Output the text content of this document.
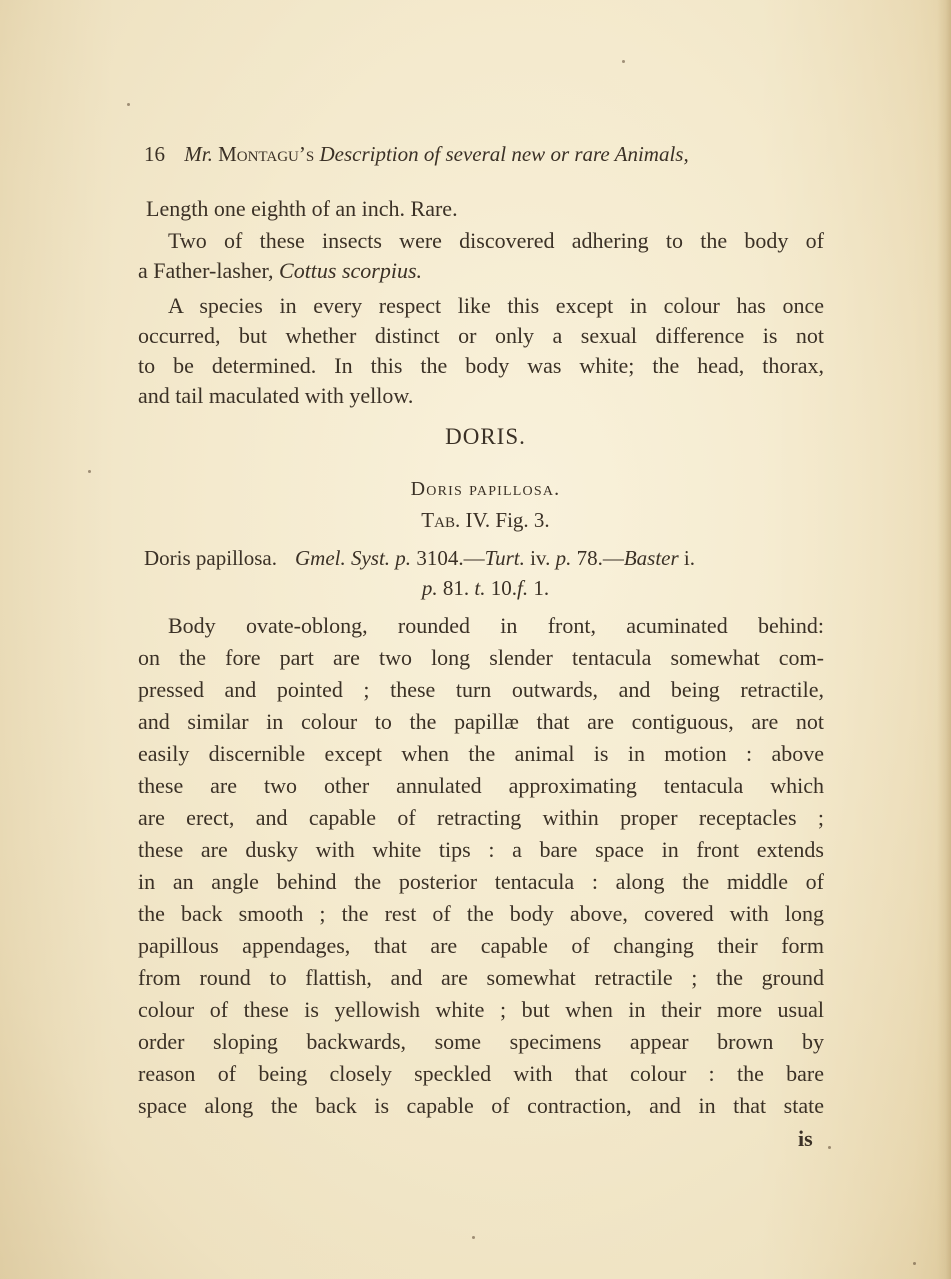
16 Mr. Montagu’s Description of several new or rare Animals,
Length one eighth of an inch. Rare.
Two of these insects were discovered adhering to the body of
a Father-lasher, Cottus scorpius.
A species in every respect like this except in colour has once
occurred, but whether distinct or only a sexual difference is not
to be determined. In this the body was white; the head, thorax,
and tail maculated with yellow.
DORIS.
Doris papillosa.
Tab. IV. Fig. 3.
Doris papillosa. Gmel. Syst. p. 3104.—Turt. iv. p. 78.—Baster i.
p. 81. t. 10.f. 1.
Body ovate-oblong, rounded in front, acuminated behind:
on the fore part are two long slender tentacula somewhat com-
pressed and pointed ; these turn outwards, and being retractile,
and similar in colour to the papillæ that are contiguous, are not
easily discernible except when the animal is in motion : above
these are two other annulated approximating tentacula which
are erect, and capable of retracting within proper receptacles ;
these are dusky with white tips : a bare space in front extends
in an angle behind the posterior tentacula : along the middle of
the back smooth ; the rest of the body above, covered with long
papillous appendages, that are capable of changing their form
from round to flattish, and are somewhat retractile ; the ground
colour of these is yellowish white ; but when in their more usual
order sloping backwards, some specimens appear brown by
reason of being closely speckled with that colour : the bare
space along the back is capable of contraction, and in that state
is
